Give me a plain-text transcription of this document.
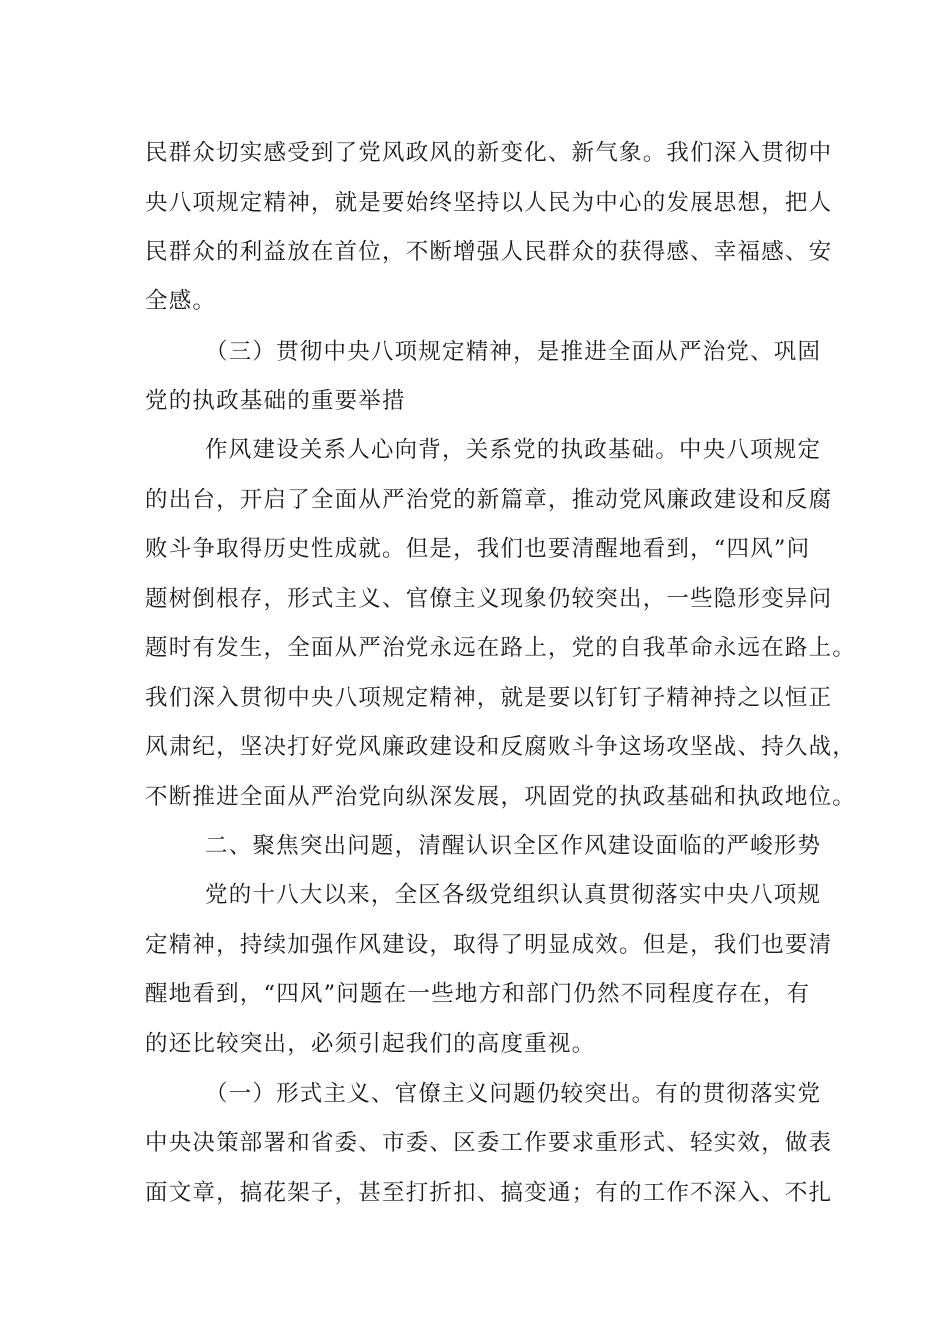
民群众切实感受到了党风政风的新变化、新气象。我们深入贯彻中
央八项规定精神，就是要始终坚持以人民为中心的发展思想，把人
民群众的利益放在首位，不断增强人民群众的获得感、幸福感、安
全感。
（三）贯彻中央八项规定精神，是推进全面从严治党、巩固
党的执政基础的重要举措
作风建设关系人心向背，关系党的执政基础。中央八项规定
的出台，开启了全面从严治党的新篇章，推动党风廉政建设和反腐
败斗争取得历史性成就。但是，我们也要清醒地看到，“四风”问
题树倒根存，形式主义、官僚主义现象仍较突出，一些隐形变异问
题时有发生，全面从严治党永远在路上，党的自我革命永远在路上。
我们深入贯彻中央八项规定精神，就是要以钉钉子精神持之以恒正
风肃纪，坚决打好党风廉政建设和反腐败斗争这场攻坚战、持久战，
不断推进全面从严治党向纵深发展，巩固党的执政基础和执政地位。
二、聚焦突出问题，清醒认识全区作风建设面临的严峻形势
党的十八大以来，全区各级党组织认真贯彻落实中央八项规
定精神，持续加强作风建设，取得了明显成效。但是，我们也要清
醒地看到，“四风”问题在一些地方和部门仍然不同程度存在，有
的还比较突出，必须引起我们的高度重视。
（一）形式主义、官僚主义问题仍较突出。有的贯彻落实党
中央决策部署和省委、市委、区委工作要求重形式、轻实效，做表
面文章，搞花架子，甚至打折扣、搞变通；有的工作不深入、不扎
